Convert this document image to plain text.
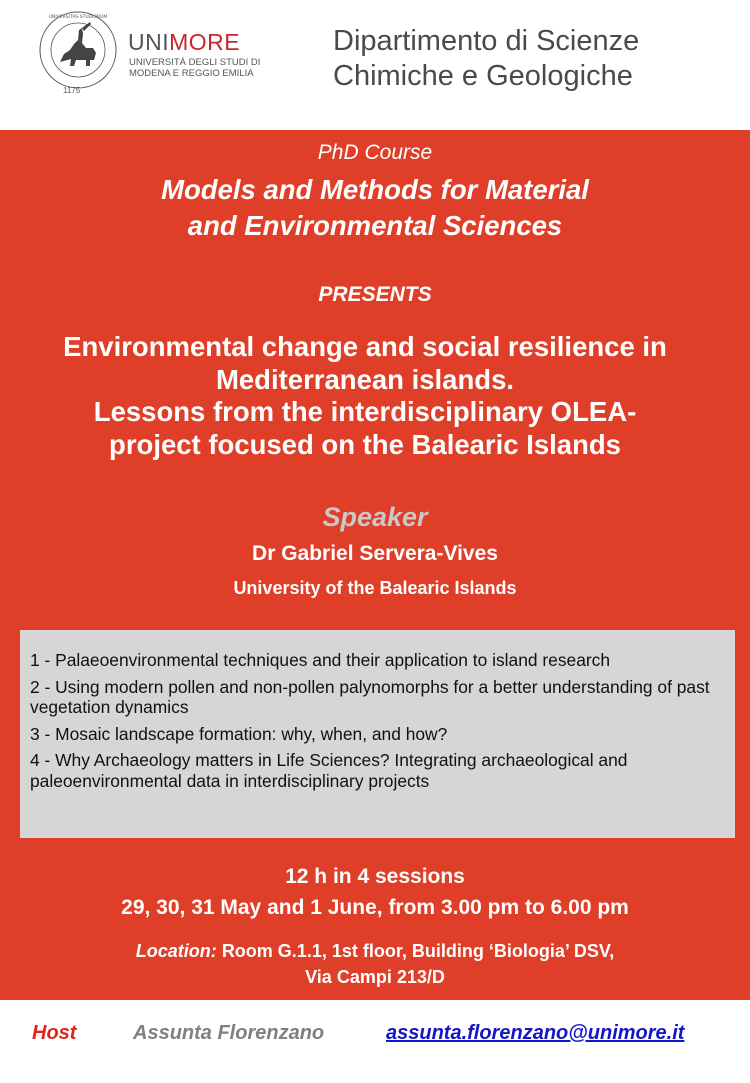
UNIVERSITAS STUDIORUM
1175
UNIMORE
UNIVERSITÀ DEGLI STUDI DI MODENA E REGGIO EMILIA
Dipartimento di Scienze
Chimiche e Geologiche
PhD Course
Models and Methods for Material
and Environmental Sciences
PRESENTS
Environmental change and social resilience in
Mediterranean islands.
Lessons from the interdisciplinary OLEA-
project focused on the Balearic Islands
Speaker
Dr Gabriel Servera-Vives
University of the Balearic Islands
1 - Palaeoenvironmental techniques and their application to island research
2 - Using modern pollen and non-pollen palynomorphs for a better understanding of past vegetation dynamics
3 - Mosaic landscape formation: why, when, and how?
4 - Why Archaeology matters in Life Sciences? Integrating archaeological and paleoenvironmental data in interdisciplinary projects
12 h in 4 sessions
29, 30, 31 May and 1 June, from 3.00 pm to 6.00 pm
Location: Room G.1.1, 1st floor, Building ‘Biologia’ DSV,
Via Campi 213/D
Host	Assunta Florenzano	assunta.florenzano@unimore.it
